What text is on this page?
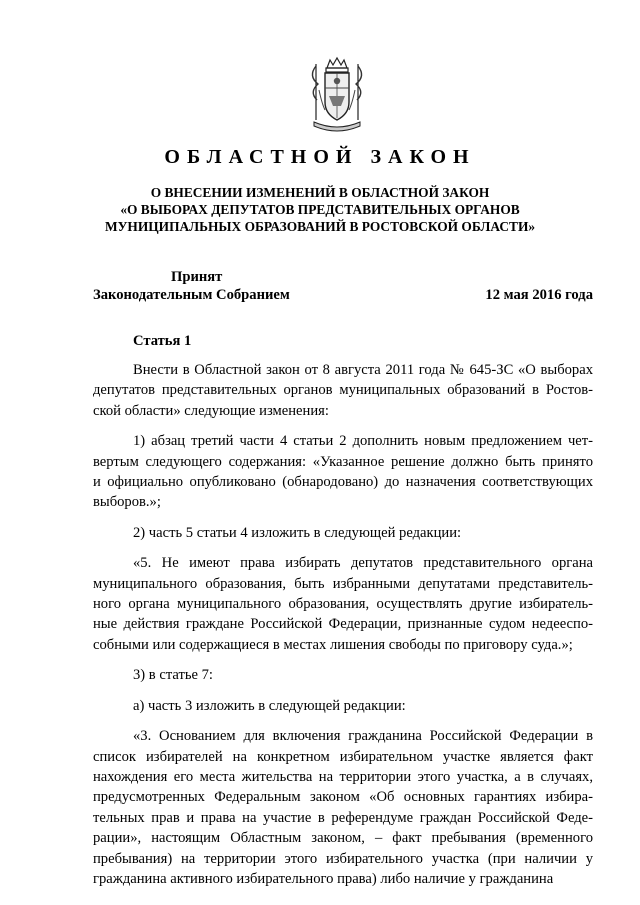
ОБЛАСТНОЙ ЗАКОН
О ВНЕСЕНИИ ИЗМЕНЕНИЙ В ОБЛАСТНОЙ ЗАКОН
«О ВЫБОРАХ ДЕПУТАТОВ ПРЕДСТАВИТЕЛЬНЫХ ОРГАНОВ
МУНИЦИПАЛЬНЫХ ОБРАЗОВАНИЙ В РОСТОВСКОЙ ОБЛАСТИ»
Принят
Законодательным Собранием	12 мая 2016 года
Статья 1
Внести в Областной закон от 8 августа 2011 года № 645-ЗС «О выборах
депутатов представительных органов муниципальных образований в Ростов-
ской области» следующие изменения:
1) абзац третий части 4 статьи 2 дополнить новым предложением чет-
вертым следующего содержания: «Указанное решение должно быть принято
и официально опубликовано (обнародовано) до назначения соответствующих
выборов.»;
2) часть 5 статьи 4 изложить в следующей редакции:
«5. Не имеют права избирать депутатов представительного органа
муниципального образования, быть избранными депутатами представитель-
ного органа муниципального образования, осуществлять другие избиратель-
ные действия граждане Российской Федерации, признанные судом недееспо-
собными или содержащиеся в местах лишения свободы по приговору суда.»;
3) в статье 7:
а) часть 3 изложить в следующей редакции:
«3. Основанием для включения гражданина Российской Федерации в
список избирателей на конкретном избирательном участке является факт
нахождения его места жительства на территории этого участка, а в случаях,
предусмотренных Федеральным законом «Об основных гарантиях избира-
тельных прав и права на участие в референдуме граждан Российской Феде-
рации», настоящим Областным законом, – факт пребывания (временного
пребывания) на территории этого избирательного участка (при наличии у
гражданина активного избирательного права) либо наличие у гражданина
